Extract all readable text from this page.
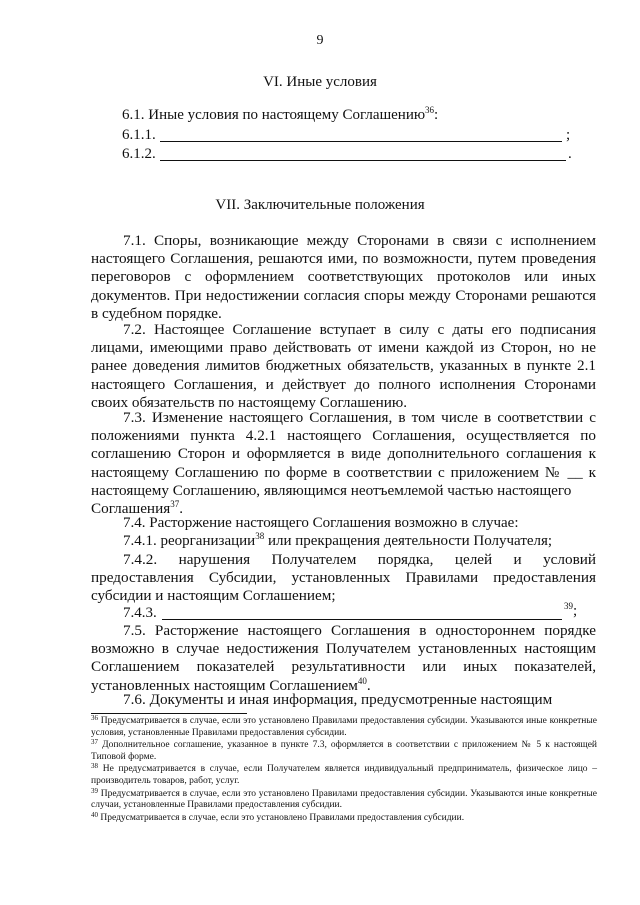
9
VI. Иные условия
6.1. Иные условия по настоящему Соглашению$^{36}$:
6.1.1.	;
6.1.2.	.
VII. Заключительные положения
7.1. Споры, возникающие между Сторонами в связи с исполнением настоящего Соглашения, решаются ими, по возможности, путем проведения переговоров с оформлением соответствующих протоколов или иных документов. При недостижении согласия споры между Сторонами решаются в судебном порядке.
7.2. Настоящее Соглашение вступает в силу с даты его подписания лицами, имеющими право действовать от имени каждой из Сторон, но не ранее доведения лимитов бюджетных обязательств, указанных в пункте 2.1 настоящего Соглашения, и действует до полного исполнения Сторонами своих обязательств по настоящему Соглашению.
7.3. Изменение настоящего Соглашения, в том числе в соответствии с положениями пункта 4.2.1 настоящего Соглашения, осуществляется по соглашению Сторон и оформляется в виде дополнительного соглашения к настоящему Соглашению по форме в соответствии с приложением № __ к настоящему Соглашению, являющимся неотъемлемой частью настоящего
Соглашения$^{37}$.
7.4. Расторжение настоящего Соглашения возможно в случае:
7.4.1. реорганизации$^{38}$ или прекращения деятельности Получателя;
7.4.2. нарушения Получателем порядка, целей и условий предоставления Субсидии, установленных Правилами предоставления субсидии и настоящим Соглашением;
7.4.3.	$^{39}$;
7.5. Расторжение настоящего Соглашения в одностороннем порядке возможно в случае недостижения Получателем установленных настоящим Соглашением показателей результативности или иных показателей, установленных настоящим Соглашением$^{40}$.
7.6. Документы и иная информация, предусмотренные настоящим
$^{36}$ Предусматривается в случае, если это установлено Правилами предоставления субсидии. Указываются иные конкретные условия, установленные Правилами предоставления субсидии.
$^{37}$ Дополнительное соглашение, указанное в пункте 7.3, оформляется в соответствии с приложением № 5 к настоящей Типовой форме.
$^{38}$ Не предусматривается в случае, если Получателем является индивидуальный предприниматель, физическое лицо – производитель товаров, работ, услуг.
$^{39}$ Предусматривается в случае, если это установлено Правилами предоставления субсидии. Указываются иные конкретные случаи, установленные Правилами предоставления субсидии.
$^{40}$ Предусматривается в случае, если это установлено Правилами предоставления субсидии.
